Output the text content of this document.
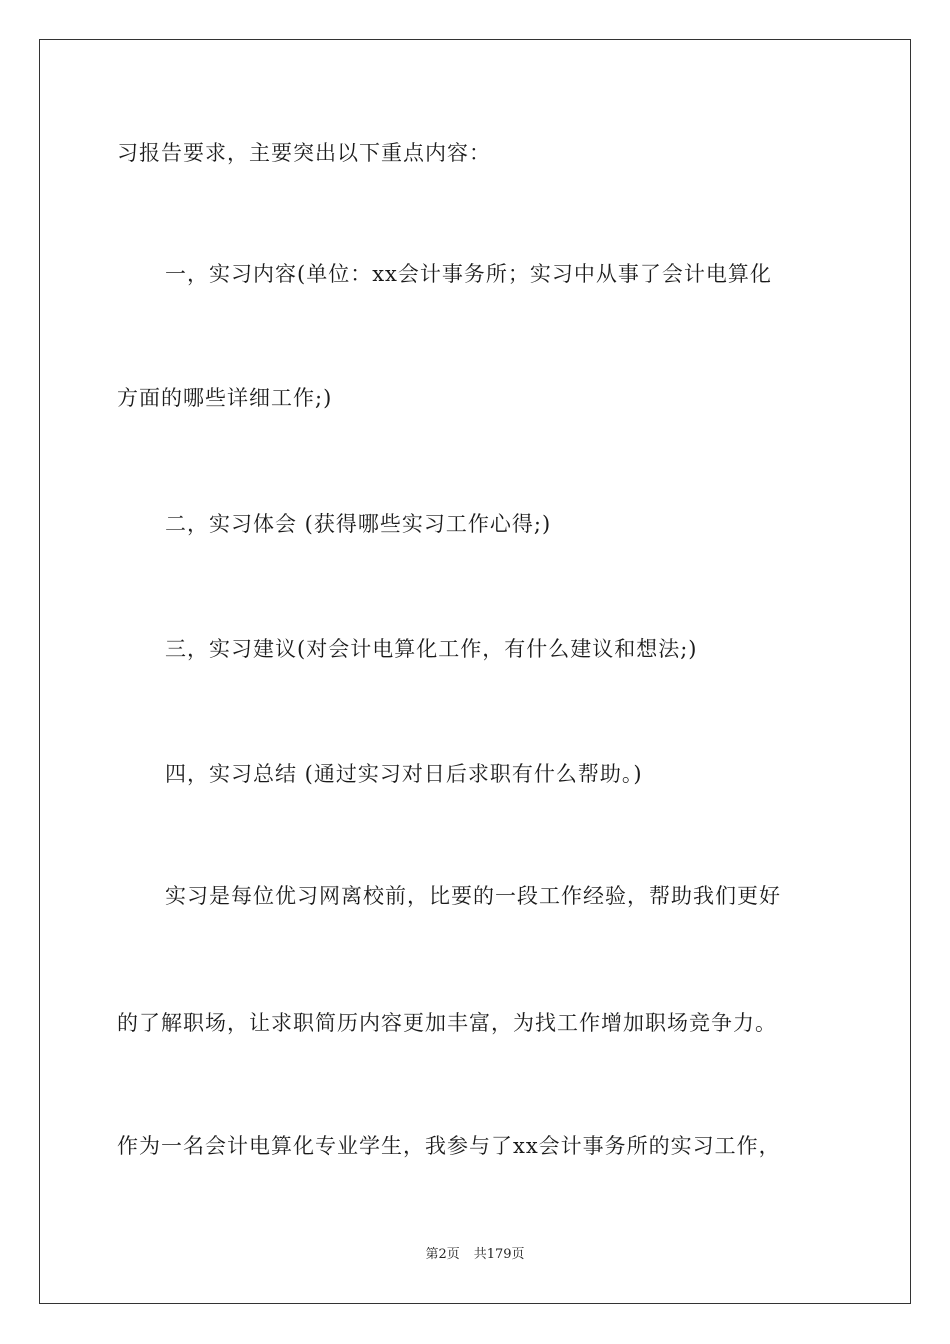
习报告要求，主要突出以下重点内容：
一，实习内容(单位：xx会计事务所；实习中从事了会计电算化
方面的哪些详细工作;)
二，实习体会 (获得哪些实习工作心得;)
三，实习建议(对会计电算化工作，有什么建议和想法;)
四，实习总结 (通过实习对日后求职有什么帮助。)
实习是每位优习网离校前，比要的一段工作经验，帮助我们更好
的了解职场，让求职简历内容更加丰富，为找工作增加职场竞争力。
作为一名会计电算化专业学生，我参与了xx会计事务所的实习工作，
第2页 共179页
